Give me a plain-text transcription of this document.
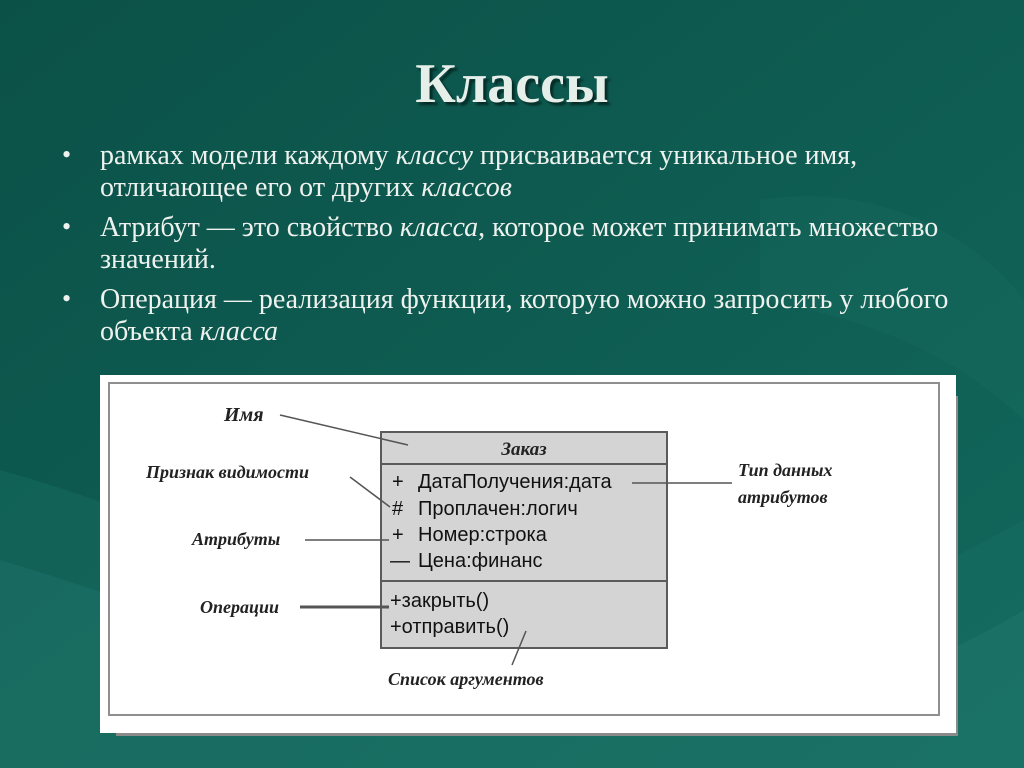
Классы
• рамках модели каждому классу присваивается уникальное имя, отличающее его от других классов
• Атрибут — это свойство класса, которое может принимать множество значений.
• Операция — реализация функции, которую можно запросить у любого объекта класса
Заказ
+ ДатаПолучения:дата
# Проплачен:логич
+ Номер:строка
— Цена:финанс
+закрыть()
+отправить()
Имя
Признак видимости
Атрибуты
Операции
Тип данных
атрибутов
Список аргументов
